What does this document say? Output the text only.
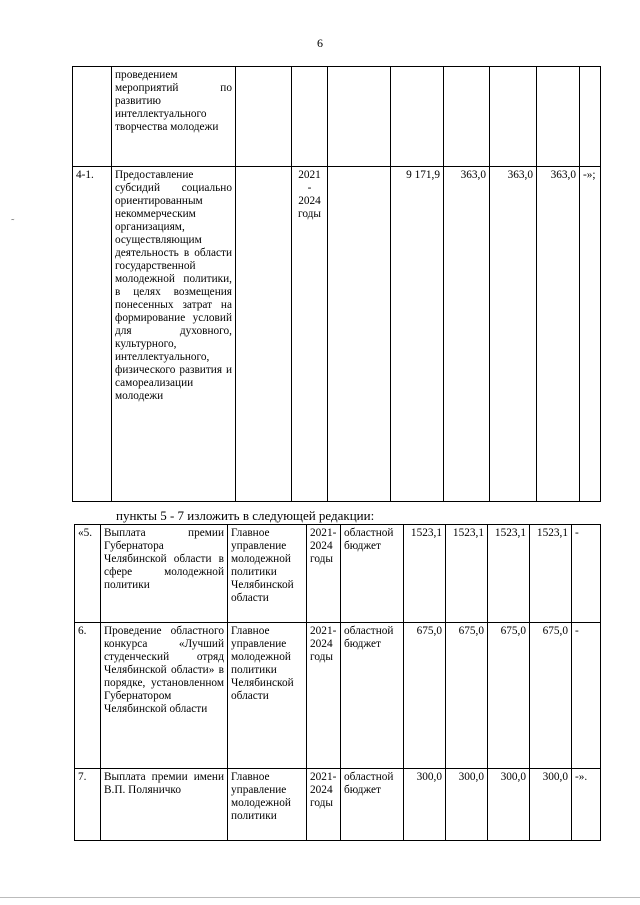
6
˜
	проведением мероприятий по развитию интеллектуального творчества молодежи								
4-1.	Предоставление субсидий социально ориентированным некоммерческим организациям, осуществляющим деятельность в области государственной молодежной политики, в целях возмещения понесенных затрат на формирование условий для духовного, культурного, интеллектуального, физического развития и самореализации молодежи		2021 - 2024 годы		9 171,9	363,0	363,0	363,0	-»;
пункты 5 - 7 изложить в следующей редакции:
«5.	Выплата премии Губернатора Челябинской области в сфере молодежной политики	Главное управление молодежной политики Челябинской области	2021-2024 годы	областной бюджет	1523,1	1523,1	1523,1	1523,1	-
6.	Проведение областного конкурса «Лучший студенческий отряд Челябинской области» в порядке, установленном Губернатором Челябинской области	Главное управление молодежной политики Челябинской области	2021-2024 годы	областной бюджет	675,0	675,0	675,0	675,0	-
7.	Выплата премии имени В.П. Поляничко	Главное управление молодежной политики	2021-2024 годы	областной бюджет	300,0	300,0	300,0	300,0	-».
